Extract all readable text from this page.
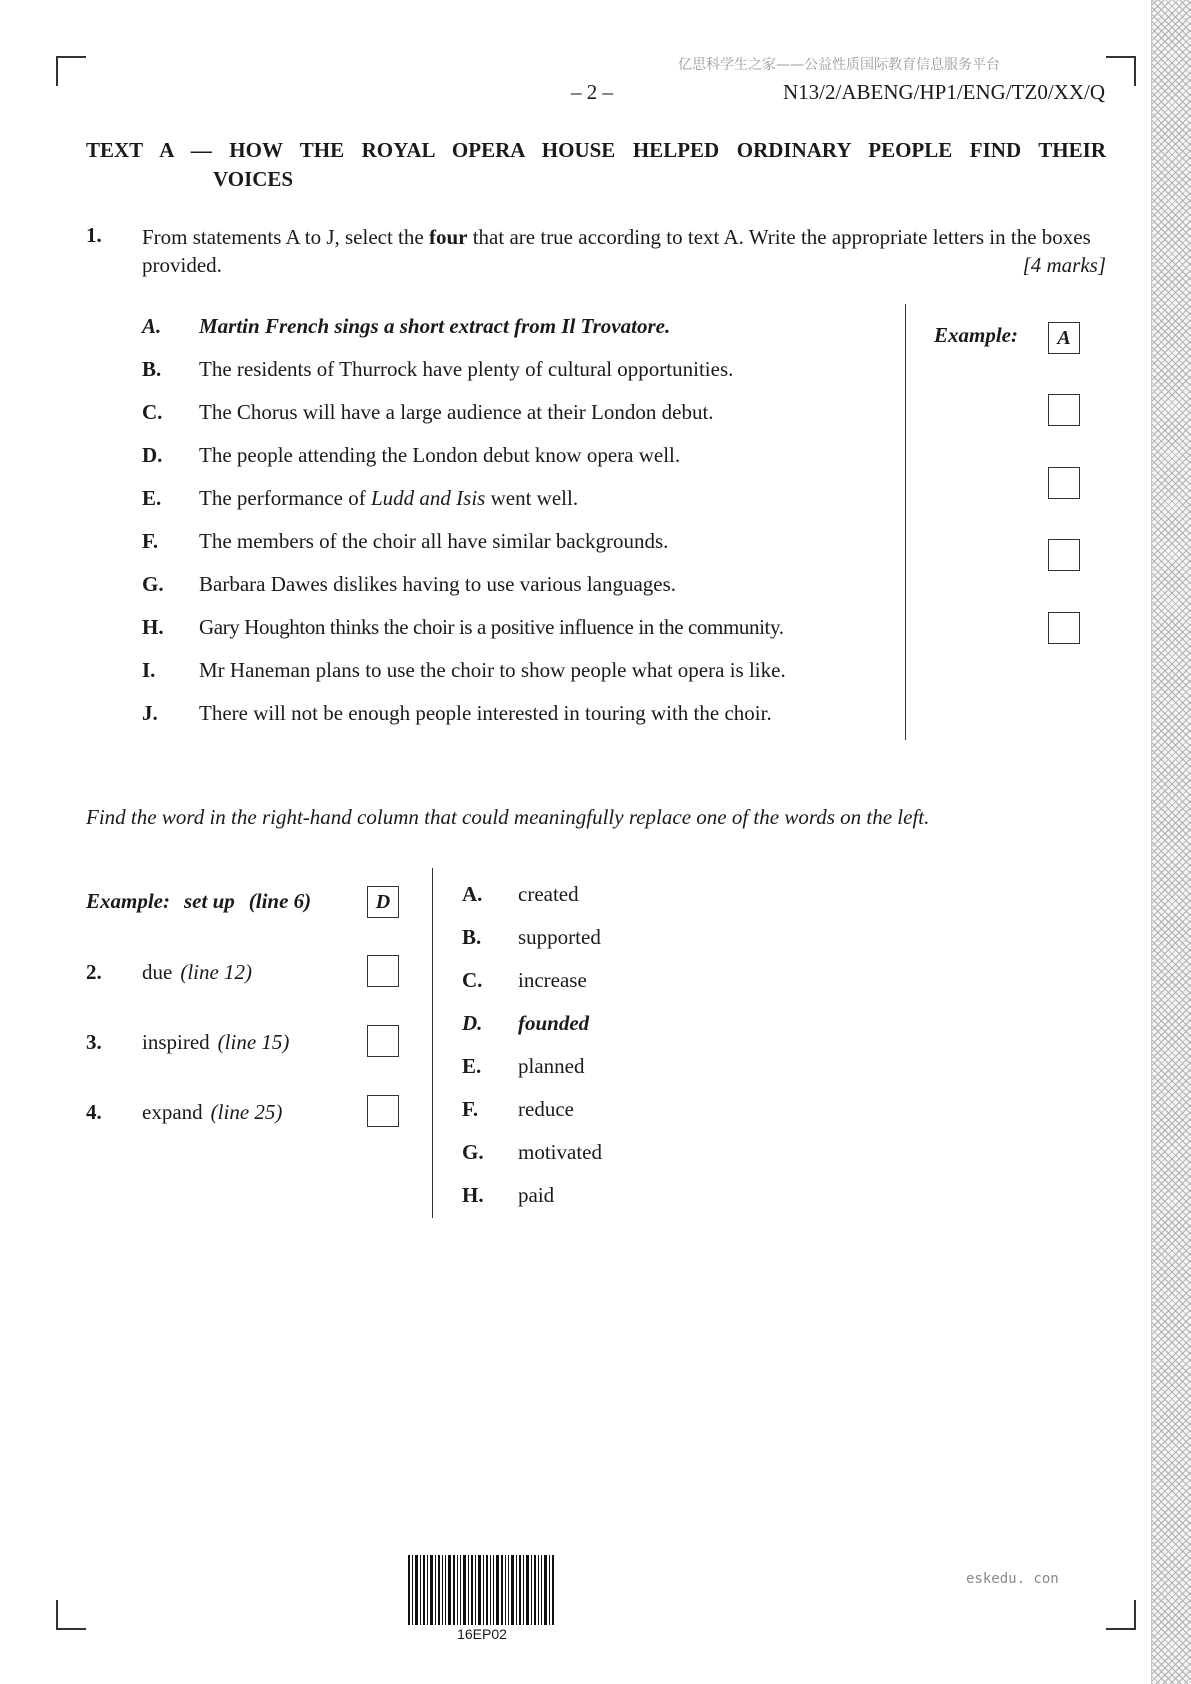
亿思科学生之家——公益性质国际教育信息服务平台
– 2 –	N13/2/ABENG/HP1/ENG/TZ0/XX/Q
TEXT A — HOW THE ROYAL OPERA HOUSE HELPED ORDINARY PEOPLE FIND THEIR
VOICES
1. From statements A to J, select the four that are true according to text A. Write the appropriate letters in the boxes provided.	[4 marks]
A. Martin French sings a short extract from Il Trovatore.
B. The residents of Thurrock have plenty of cultural opportunities.
C. The Chorus will have a large audience at their London debut.
D. The people attending the London debut know opera well.
E. The performance of Ludd and Isis went well.
F. The members of the choir all have similar backgrounds.
G. Barbara Dawes dislikes having to use various languages.
H. Gary Houghton thinks the choir is a positive influence in the community.
I. Mr Haneman plans to use the choir to show people what opera is like.
J. There will not be enough people interested in touring with the choir.
Example:	A
Find the word in the right-hand column that could meaningfully replace one of the words on the left.
Example: set up (line 6)	D
2. due (line 12)
3. inspired (line 15)
4. expand (line 25)
A. created
B. supported
C. increase
D. founded
E. planned
F. reduce
G. motivated
H. paid
16EP02
eskedu. con
